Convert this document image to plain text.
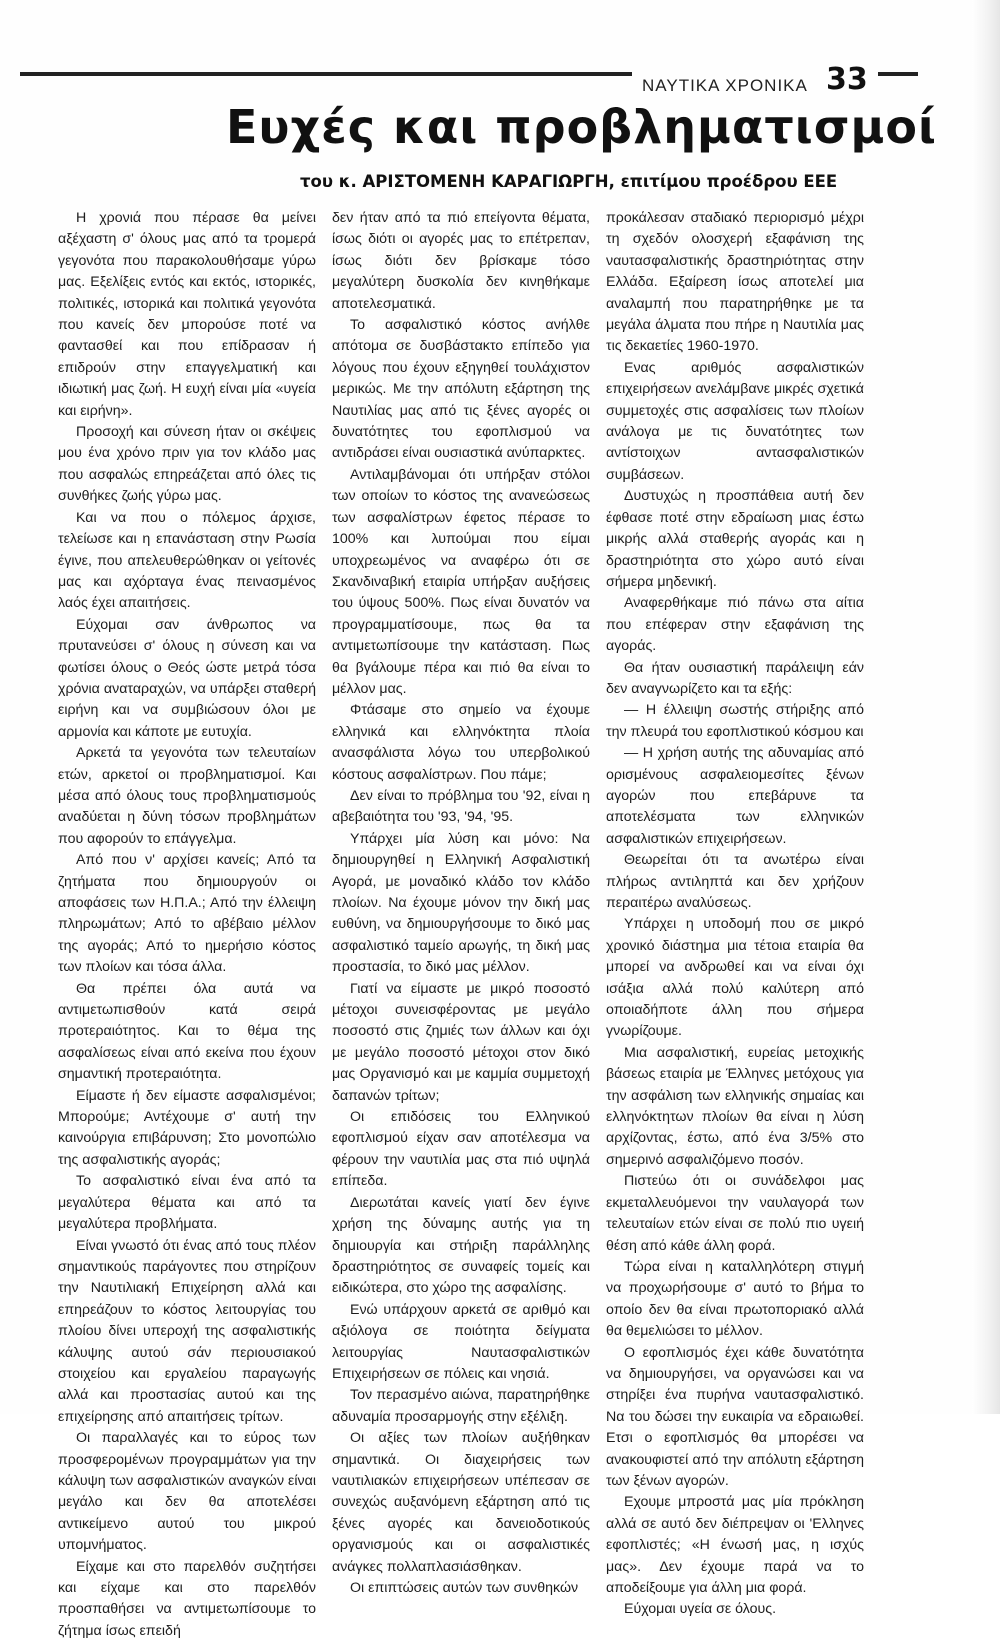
ΝΑΥΤΙΚΑ ΧΡΟΝΙΚΑ 33
Ευχές και προβληματισμοί
του κ. ΑΡΙΣΤΟΜΕΝΗ ΚΑΡΑΓΙΩΡΓΗ, επιτίμου προέδρου ΕΕΕ

Η χρονιά που πέρασε θα μείνει αξέχαστη σ' όλους μας από τα τρομερά γεγονότα που παρακολουθήσαμε γύρω μας. Εξελίξεις εντός και εκτός, ιστορικές, πολιτικές, ιστορικά και πολιτικά γεγονότα που κανείς δεν μπορούσε ποτέ να φαντασθεί και που επίδρασαν ή επιδρούν στην επαγγελματική και ιδιωτική μας ζωή. Η ευχή είναι μία «υγεία και ειρήνη».

Προσοχή και σύνεση ήταν οι σκέψεις μου ένα χρόνο πριν για τον κλάδο μας που ασφαλώς επηρεάζεται από όλες τις συνθήκες ζωής γύρω μας.

Και να που ο πόλεμος άρχισε, τελείωσε και η επανάσταση στην Ρωσία έγινε, που απελευθερώθηκαν οι γείτονές μας και αχόρταγα ένας πεινασμένος λαός έχει απαιτήσεις.

Εύχομαι σαν άνθρωπος να πρυτανεύσει σ' όλους η σύνεση και να φωτίσει όλους ο Θεός ώστε μετρά τόσα χρόνια αναταραχών, να υπάρξει σταθερή ειρήνη και να συμβιώσουν όλοι με αρμονία και κάποτε με ευτυχία.

Αρκετά τα γεγονότα των τελευταίων ετών, αρκετοί οι προβληματισμοί. Και μέσα από όλους τους προβληματισμούς αναδύεται η δύνη τόσων προβλημάτων που αφορούν το επάγγελμα.

Από που ν' αρχίσει κανείς; Από τα ζητήματα που δημιουργούν οι αποφάσεις των Η.Π.Α.; Από την έλλειψη πληρωμάτων; Από το αβέβαιο μέλλον της αγοράς; Από το ημερήσιο κόστος των πλοίων και τόσα άλλα.

Θα πρέπει όλα αυτά να αντιμετωπισθούν κατά σειρά προτεραιότητος. Και το θέμα της ασφαλίσεως είναι από εκείνα που έχουν σημαντική προτεραιότητα.

Είμαστε ή δεν είμαστε ασφαλισμένοι; Μπορούμε; Αντέχουμε σ' αυτή την καινούργια επιβάρυνση; Στο μονοπώλιο της ασφαλιστικής αγοράς;

Το ασφαλιστικό είναι ένα από τα μεγαλύτερα θέματα και από τα μεγαλύτερα προβλήματα.

Είναι γνωστό ότι ένας από τους πλέον σημαντικούς παράγοντες που στηρίζουν την Ναυτιλιακή Επιχείρηση αλλά και επηρεάζουν το κόστος λειτουργίας του πλοίου δίνει υπεροχή της ασφαλιστικής κάλυψης αυτού σάν περιουσιακού στοιχείου και εργαλείου παραγωγής αλλά και προστασίας αυτού και της επιχείρησης από απαιτήσεις τρίτων.

Οι παραλλαγές και το εύρος των προσφερομένων προγραμμάτων για την κάλυψη των ασφαλιστικών αναγκών είναι μεγάλο και δεν θα αποτελέσει αντικείμενο αυτού του μικρού υπομνήματος.

Είχαμε και στο παρελθόν συζητήσει και είχαμε και στο παρελθόν προσπαθήσει να αντιμετωπίσουμε το ζήτημα ίσως επειδή

δεν ήταν από τα πιό επείγοντα θέματα, ίσως διότι οι αγορές μας το επέτρεπαν, ίσως διότι δεν βρίσκαμε τόσο μεγαλύτερη δυσκολία δεν κινηθήκαμε αποτελεσματικά.

Το ασφαλιστικό κόστος ανήλθε απότομα σε δυσβάστακτο επίπεδο για λόγους που έχουν εξηγηθεί τουλάχιστον μερικώς. Με την απόλυτη εξάρτηση της Ναυτιλίας μας από τις ξένες αγορές οι δυνατότητες του εφοπλισμού να αντιδράσει είναι ουσιαστικά ανύπαρκτες.

Αντιλαμβάνομαι ότι υπήρξαν στόλοι των οποίων το κόστος της ανανεώσεως των ασφαλίστρων έφετος πέρασε το 100% και λυπούμαι που είμαι υποχρεωμένος να αναφέρω ότι σε Σκανδιναβική εταιρία υπήρξαν αυξήσεις του ύψους 500%. Πως είναι δυνατόν να προγραμματίσουμε, πως θα τα αντιμετωπίσουμε την κατάσταση. Πως θα βγάλουμε πέρα και πιό θα είναι το μέλλον μας.

Φτάσαμε στο σημείο να έχουμε ελληνικά και ελληνόκτητα πλοία ανασφάλιστα λόγω του υπερβολικού κόστους ασφαλίστρων. Που πάμε;

Δεν είναι το πρόβλημα του '92, είναι η αβεβαιότητα του '93, '94, '95.

Υπάρχει μία λύση και μόνο: Να δημιουργηθεί η Ελληνική Ασφαλιστική Αγορά, με μοναδικό κλάδο τον κλάδο πλοίων. Να έχουμε μόνον την δική μας ευθύνη, να δημιουργήσουμε το δικό μας ασφαλιστικό ταμείο αρωγής, τη δική μας προστασία, το δικό μας μέλλον.

Γιατί να είμαστε με μικρό ποσοστό μέτοχοι συνεισφέροντας με μεγάλο ποσοστό στις ζημιές των άλλων και όχι με μεγάλο ποσοστό μέτοχοι στον δικό μας Οργανισμό και με καμμία συμμετοχή δαπανών τρίτων;

Οι επιδόσεις του Ελληνικού εφοπλισμού είχαν σαν αποτέλεσμα να φέρουν την ναυτιλία μας στα πιό υψηλά επίπεδα.

Διερωτάται κανείς γιατί δεν έγινε χρήση της δύναμης αυτής για τη δημιουργία και στήριξη παράλληλης δραστηριότητος σε συναφείς τομείς και ειδικώτερα, στο χώρο της ασφαλίσης.

Ενώ υπάρχουν αρκετά σε αριθμό και αξιόλογα σε ποιότητα δείγματα λειτουργίας Ναυτασφαλιστικών Επιχειρήσεων σε πόλεις και νησιά.

Τον περασμένο αιώνα, παρατηρήθηκε αδυναμία προσαρμογής στην εξέλιξη.

Οι αξίες των πλοίων αυξήθηκαν σημαντικά. Οι διαχειρήσεις των ναυτιλιακών επιχειρήσεων υπέπεσαν σε συνεχώς αυξανόμενη εξάρτηση από τις ξένες αγορές και δανειοδοτικούς οργανισμούς και οι ασφαλιστικές ανάγκες πολλαπλασιάσθηκαν.

Οι επιπτώσεις αυτών των συνθηκών

προκάλεσαν σταδιακό περιορισμό μέχρι τη σχεδόν ολοσχερή εξαφάνιση της ναυτασφαλιστικής δραστηριότητας στην Ελλάδα. Εξαίρεση ίσως αποτελεί μια αναλαμπή που παρατηρήθηκε με τα μεγάλα άλματα που πήρε η Ναυτιλία μας τις δεκαετίες 1960-1970.

Ενας αριθμός ασφαλιστικών επιχειρήσεων ανελάμβανε μικρές σχετικά συμμετοχές στις ασφαλίσεις των πλοίων ανάλογα με τις δυνατότητες των αντίστοιχων αντασφαλιστικών συμβάσεων.

Δυστυχώς η προσπάθεια αυτή δεν έφθασε ποτέ στην εδραίωση μιας έστω μικρής αλλά σταθερής αγοράς και η δραστηριότητα στο χώρο αυτό είναι σήμερα μηδενική.

Αναφερθήκαμε πιό πάνω στα αίτια που επέφεραν στην εξαφάνιση της αγοράς.

Θα ήταν ουσιαστική παράλειψη εάν δεν αναγνωρίζετο και τα εξής:

— Η έλλειψη σωστής στήριξης από την πλευρά του εφοπλιστικού κόσμου και

— Η χρήση αυτής της αδυναμίας από ορισμένους ασφαλειομεσίτες ξένων αγορών που επεβάρυνε τα αποτελέσματα των ελληνικών ασφαλιστικών επιχειρήσεων.

Θεωρείται ότι τα ανωτέρω είναι πλήρως αντιληπτά και δεν χρήζουν περαιτέρω αναλύσεως.

Υπάρχει η υποδομή που σε μικρό χρονικό διάστημα μια τέτοια εταιρία θα μπορεί να ανδρωθεί και να είναι όχι ισάξια αλλά πολύ καλύτερη από οποιαδήποτε άλλη που σήμερα γνωρίζουμε.

Μια ασφαλιστική, ευρείας μετοχικής βάσεως εταιρία με Έλληνες μετόχους για την ασφάλιση των ελληνικής σημαίας και ελληνόκτητων πλοίων θα είναι η λύση αρχίζοντας, έστω, από ένα 3/5% στο σημερινό ασφαλιζόμενο ποσόν.

Πιστεύω ότι οι συνάδελφοι μας εκμεταλλευόμενοι την ναυλαγορά των τελευταίων ετών είναι σε πολύ πιο υγειή θέση από κάθε άλλη φορά.

Τώρα είναι η καταλληλότερη στιγμή να προχωρήσουμε σ' αυτό το βήμα το οποίο δεν θα είναι πρωτοποριακό αλλά θα θεμελιώσει το μέλλον.

Ο εφοπλισμός έχει κάθε δυνατότητα να δημιουργήσει, να οργανώσει και να στηρίξει ένα πυρήνα ναυτασφαλιστικό. Να του δώσει την ευκαιρία να εδραιωθεί. Ετσι ο εφοπλισμός θα μπορέσει να ανακουφιστεί από την απόλυτη εξάρτηση των ξένων αγορών.

Εχουμε μπροστά μας μία πρόκληση αλλά σε αυτό δεν διέπρεψαν οι 'Ελληνες εφοπλιστές; «Η ένωσή μας, η ισχύς μας». Δεν έχουμε παρά να το αποδείξουμε για άλλη μια φορά.

Εύχομαι υγεία σε όλους.
